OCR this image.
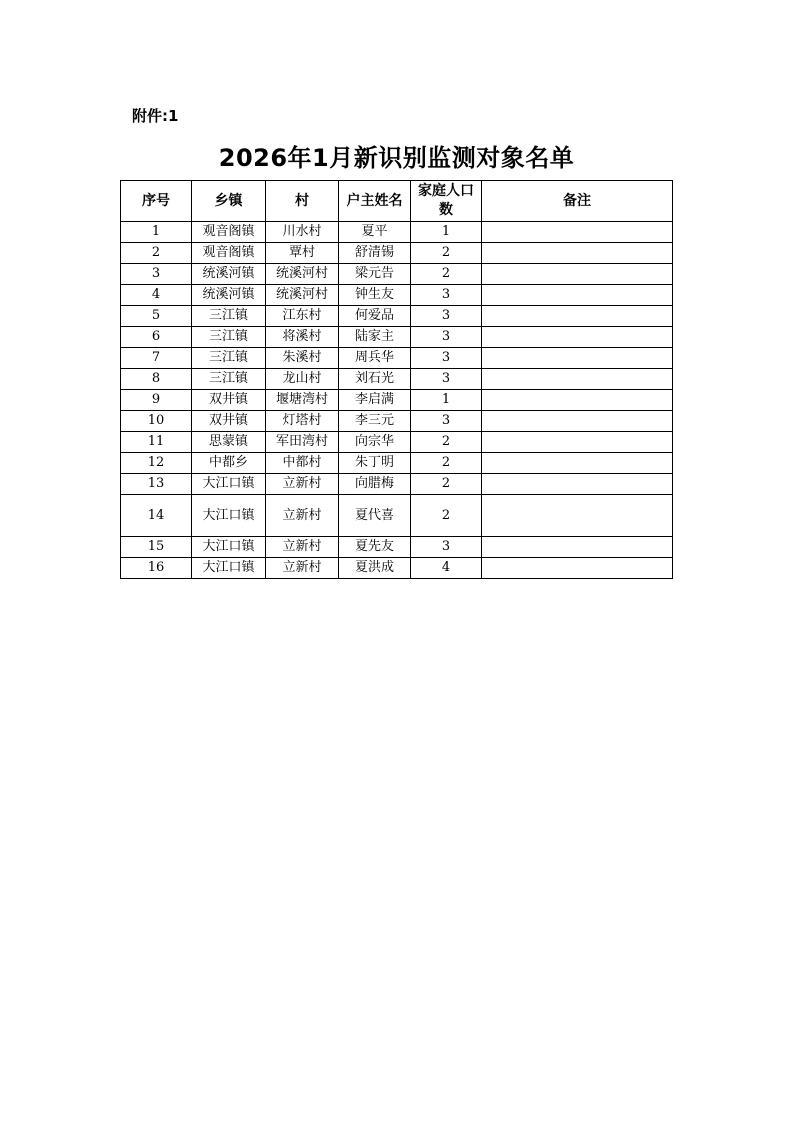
附件:1
2026年1月新识别监测对象名单
序号	乡镇	村	户主姓名	家庭人口数	备注
1	观音阁镇	川水村	夏平	1	
2	观音阁镇	覃村	舒清锡	2	
3	统溪河镇	统溪河村	梁元告	2	
4	统溪河镇	统溪河村	钟生友	3	
5	三江镇	江东村	何爱品	3	
6	三江镇	将溪村	陆家主	3	
7	三江镇	朱溪村	周兵华	3	
8	三江镇	龙山村	刘石光	3	
9	双井镇	堰塘湾村	李启满	1	
10	双井镇	灯塔村	李三元	3	
11	思蒙镇	军田湾村	向宗华	2	
12	中都乡	中都村	朱丁明	2	
13	大江口镇	立新村	向腊梅	2	
14	大江口镇	立新村	夏代喜	2	
15	大江口镇	立新村	夏先友	3	
16	大江口镇	立新村	夏洪成	4	
